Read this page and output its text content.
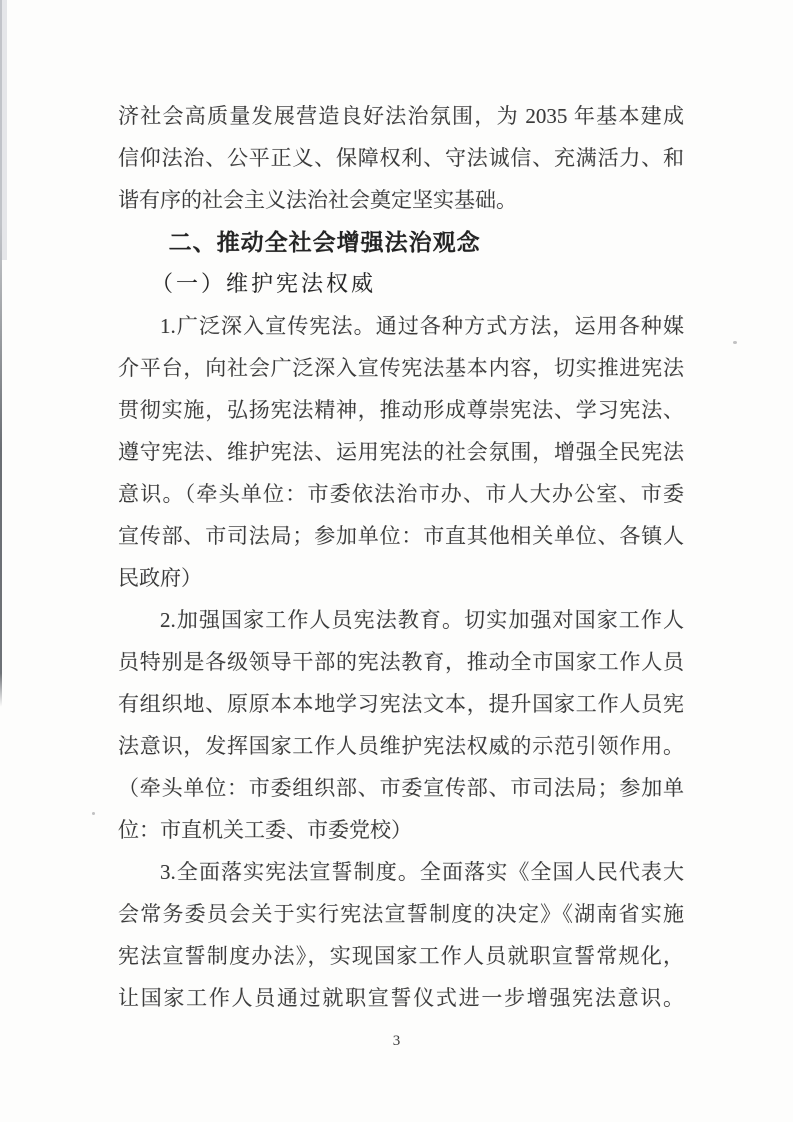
济社会高质量发展营造良好法治氛围，为 2035 年基本建成
信仰法治、公平正义、保障权利、守法诚信、充满活力、和
谐有序的社会主义法治社会奠定坚实基础。
二、推动全社会增强法治观念
（一）维护宪法权威
1.广泛深入宣传宪法。通过各种方式方法，运用各种媒
介平台，向社会广泛深入宣传宪法基本内容，切实推进宪法
贯彻实施，弘扬宪法精神，推动形成尊崇宪法、学习宪法、
遵守宪法、维护宪法、运用宪法的社会氛围，增强全民宪法
意识。（牵头单位：市委依法治市办、市人大办公室、市委
宣传部、市司法局；参加单位：市直其他相关单位、各镇人
民政府）
2.加强国家工作人员宪法教育。切实加强对国家工作人
员特别是各级领导干部的宪法教育，推动全市国家工作人员
有组织地、原原本本地学习宪法文本，提升国家工作人员宪
法意识，发挥国家工作人员维护宪法权威的示范引领作用。
（牵头单位：市委组织部、市委宣传部、市司法局；参加单
位：市直机关工委、市委党校）
3.全面落实宪法宣誓制度。全面落实《全国人民代表大
会常务委员会关于实行宪法宣誓制度的决定》《湖南省实施
宪法宣誓制度办法》，实现国家工作人员就职宣誓常规化，
让国家工作人员通过就职宣誓仪式进一步增强宪法意识。
3
